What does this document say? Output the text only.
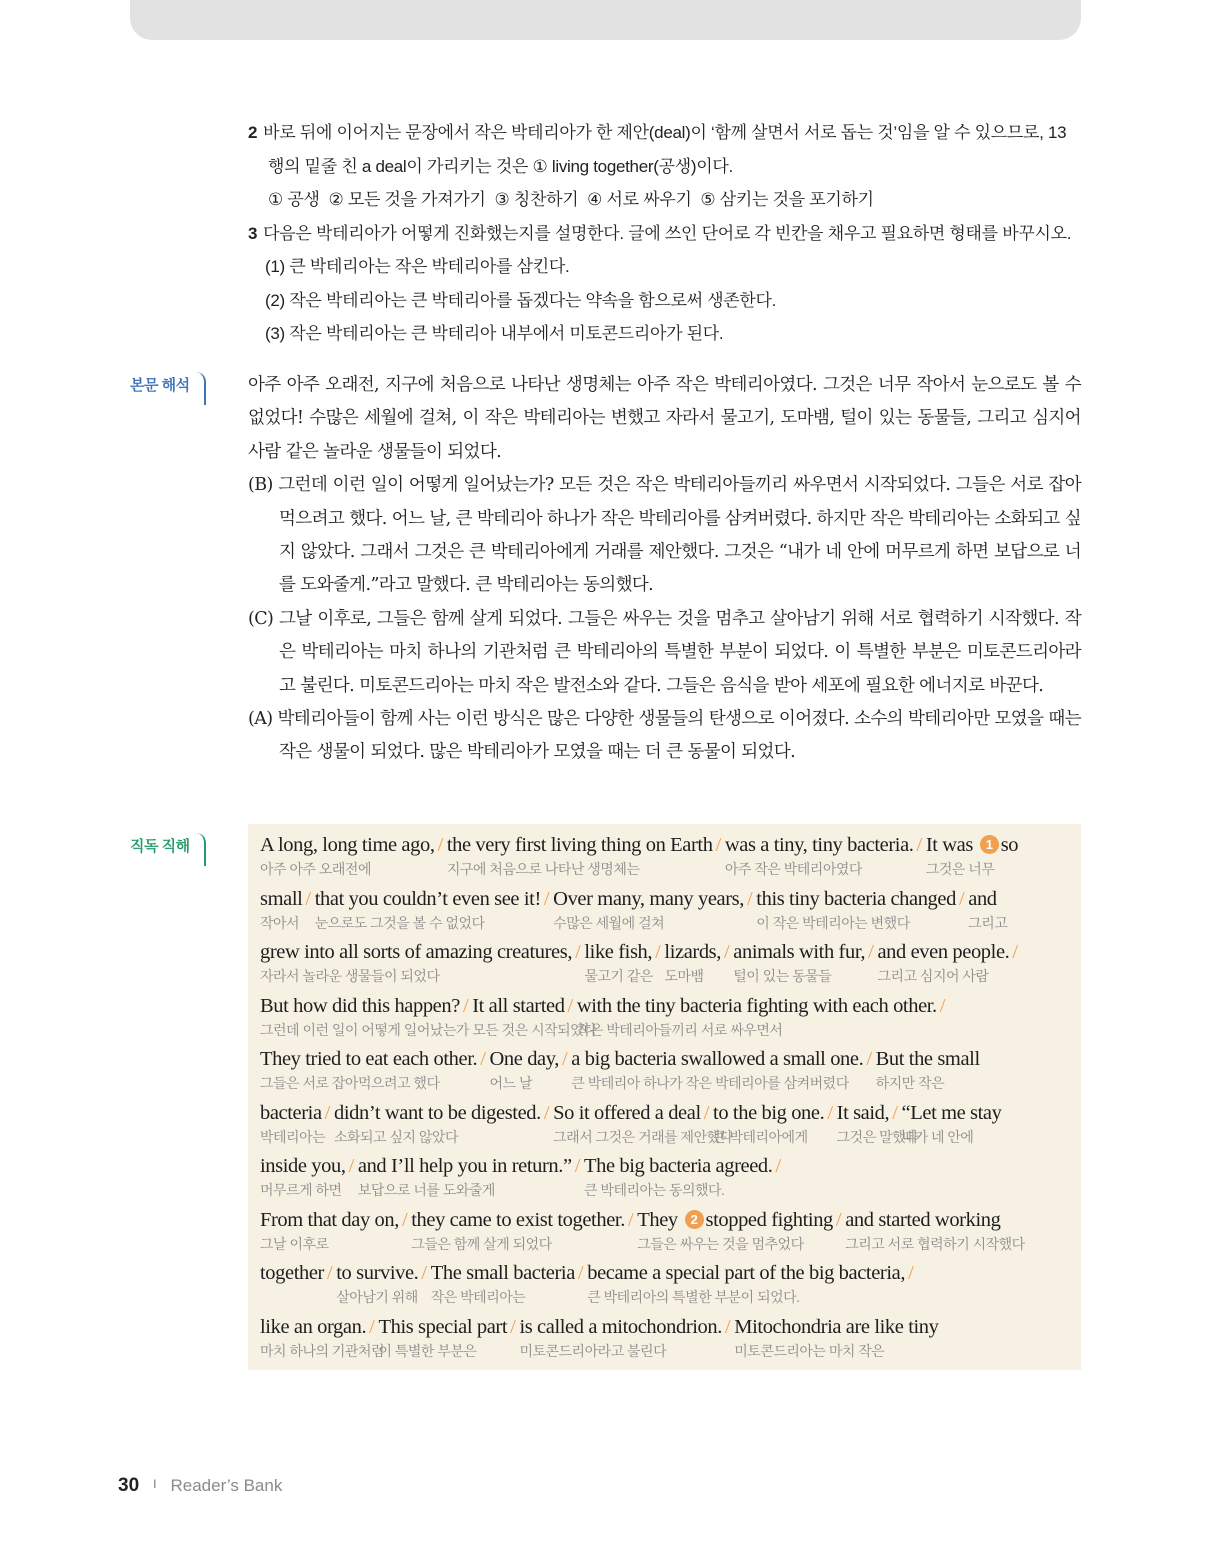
2 바로 뒤에 이어지는 문장에서 작은 박테리아가 한 제안(deal)이 ‘함께 살면서 서로 돕는 것’임을 알 수 있으므로, 13
행의 밑줄 친 a deal이 가리키는 것은 ① living together(공생)이다.
① 공생  ② 모든 것을 가져가기  ③ 칭찬하기  ④ 서로 싸우기  ⑤ 삼키는 것을 포기하기
3 다음은 박테리아가 어떻게 진화했는지를 설명한다. 글에 쓰인 단어로 각 빈칸을 채우고 필요하면 형태를 바꾸시오.
(1) 큰 박테리아는 작은 박테리아를 삼킨다.
(2) 작은 박테리아는 큰 박테리아를 돕겠다는 약속을 함으로써 생존한다.
(3) 작은 박테리아는 큰 박테리아 내부에서 미토콘드리아가 된다.
본문 해석	아주 아주 오래전, 지구에 처음으로 나타난 생명체는 아주 작은 박테리아였다. 그것은 너무 작아서 눈으로도 볼 수 없었다! 수많은 세월에 걸쳐, 이 작은 박테리아는 변했고 자라서 물고기, 도마뱀, 털이 있는 동물들, 그리고 심지어 사람 같은 놀라운 생물들이 되었다.

(B) 그런데 이런 일이 어떻게 일어났는가? 모든 것은 작은 박테리아들끼리 싸우면서 시작되었다. 그들은 서로 잡아먹으려고 했다. 어느 날, 큰 박테리아 하나가 작은 박테리아를 삼켜버렸다. 하지만 작은 박테리아는 소화되고 싶지 않았다. 그래서 그것은 큰 박테리아에게 거래를 제안했다. 그것은 “내가 네 안에 머무르게 하면 보답으로 너를 도와줄게.”라고 말했다. 큰 박테리아는 동의했다.

(C) 그날 이후로, 그들은 함께 살게 되었다. 그들은 싸우는 것을 멈추고 살아남기 위해 서로 협력하기 시작했다. 작은 박테리아는 마치 하나의 기관처럼 큰 박테리아의 특별한 부분이 되었다. 이 특별한 부분은 미토콘드리아라고 불린다. 미토콘드리아는 마치 작은 발전소와 같다. 그들은 음식을 받아 세포에 필요한 에너지로 바꾼다.

(A) 박테리아들이 함께 사는 이런 방식은 많은 다양한 생물들의 탄생으로 이어졌다. 소수의 박테리아만 모였을 때는 작은 생물이 되었다. 많은 박테리아가 모였을 때는 더 큰 동물이 되었다.

직독 직해	A long, long time ago,
아주 아주 오래전에
/ the very first living thing on Earth
지구에 처음으로 나타난 생명체는
/ was a tiny, tiny bacteria.
아주 작은 박테리아였다
/ It was 1 so
그것은 너무
small
작아서
/ that you couldn’t even see it!
눈으로도 그것을 볼 수 없었다
/ Over many, many years,
수많은 세월에 걸쳐
/ this tiny bacteria changed
이 작은 박테리아는 변했다
/ and
그리고
grew into all sorts of amazing creatures,
자라서 놀라운 생물들이 되었다
/ like fish,
물고기 같은
/ lizards,
도마뱀
/ animals with fur,
털이 있는 동물들
/ and even people.
그리고 심지어 사람
/
But how did this happen?
그런데 이런 일이 어떻게 일어났는가
/ It all started
모든 것은 시작되었다
/ with the tiny bacteria fighting with each other.
작은 박테리아들끼리 서로 싸우면서
/
They tried to eat each other.
그들은 서로 잡아먹으려고 했다
/ One day,
어느 날
/ a big bacteria swallowed a small one.
큰 박테리아 하나가 작은 박테리아를 삼켜버렸다
/ But the small
하지만 작은
bacteria
박테리아는
/ didn’t want to be digested.
소화되고 싶지 않았다
/ So it offered a deal
그래서 그것은 거래를 제안했다
/ to the big one.
큰 박테리아에게
/ It said,
그것은 말했다
/ “Let me stay
내가 네 안에
inside you,
머무르게 하면
/ and I’ll help you in return.”
보답으로 너를 도와줄게
/ The big bacteria agreed.
큰 박테리아는 동의했다.
/
From that day on,
그날 이후로
/ they came to exist together.
그들은 함께 살게 되었다
/ They 2 stopped fighting
그들은 싸우는 것을 멈추었다
/ and started working
그리고 서로 협력하기 시작했다
together / to survive.
살아남기 위해
/ The small bacteria
작은 박테리아는
/ became a special part of the big bacteria,
큰 박테리아의 특별한 부분이 되었다.
/
like an organ.
마치 하나의 기관처럼
/ This special part
이 특별한 부분은
/ is called a mitochondrion.
미토콘드리아라고 불린다
/ Mitochondria are like tiny
미토콘드리아는 마치 작은
30 I Reader’s Bank
